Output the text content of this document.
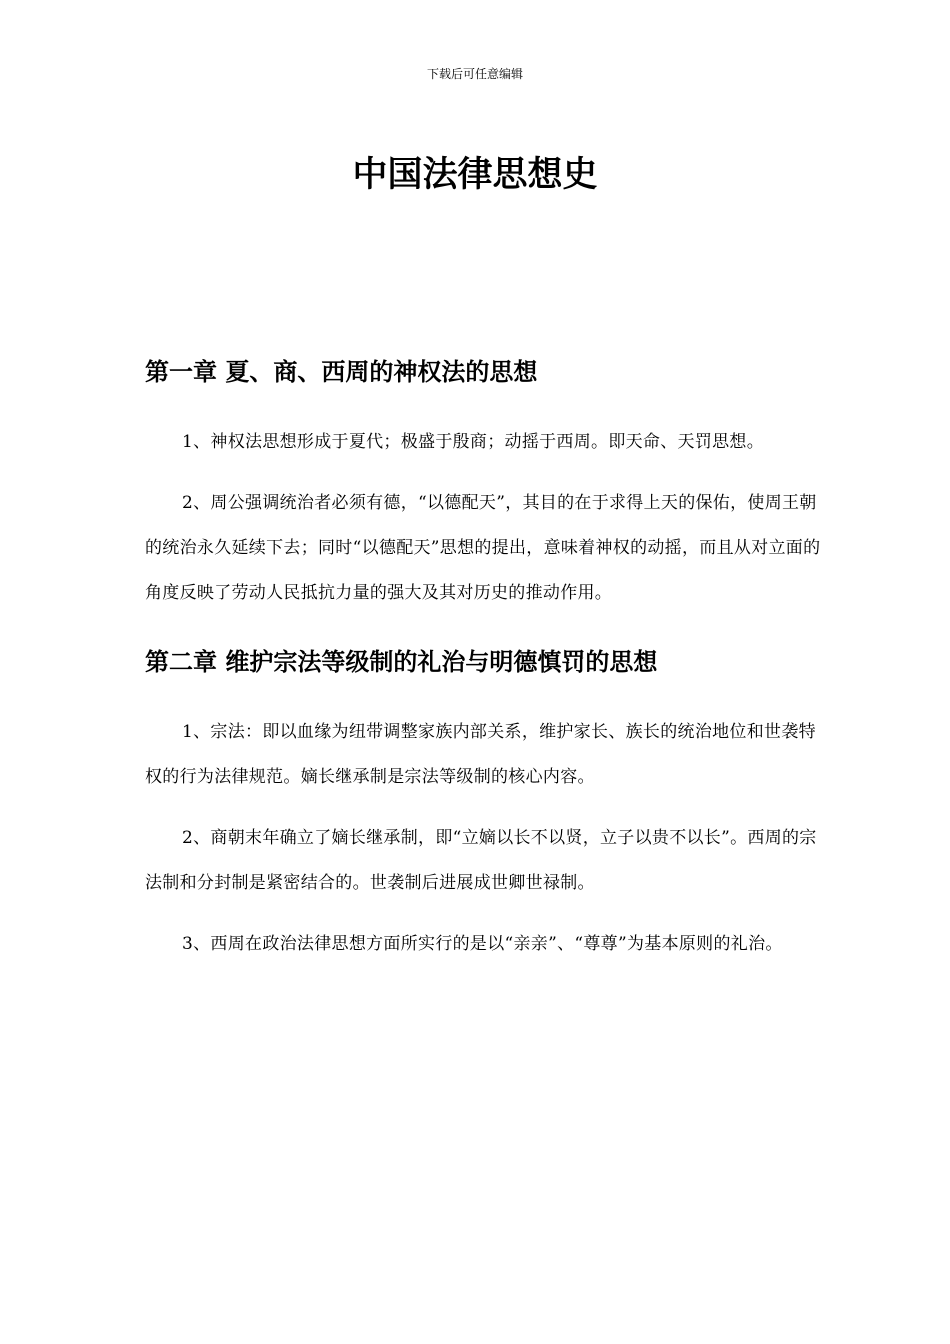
下载后可任意编辑
中国法律思想史
第一章 夏、商、西周的神权法的思想

1、神权法思想形成于夏代；极盛于殷商；动摇于西周。即天命、天罚思想。

2、周公强调统治者必须有德，“以德配天”，其目的在于求得上天的保佑，使周王朝的统治永久延续下去；同时“以德配天”思想的提出，意味着神权的动摇，而且从对立面的角度反映了劳动人民抵抗力量的强大及其对历史的推动作用。

第二章 维护宗法等级制的礼治与明德慎罚的思想

1、宗法：即以血缘为纽带调整家族内部关系，维护家长、族长的统治地位和世袭特权的行为法律规范。嫡长继承制是宗法等级制的核心内容。

2、商朝末年确立了嫡长继承制，即“立嫡以长不以贤，立子以贵不以长”。西周的宗法制和分封制是紧密结合的。世袭制后进展成世卿世禄制。

3、西周在政治法律思想方面所实行的是以“亲亲”、“尊尊”为基本原则的礼治。
